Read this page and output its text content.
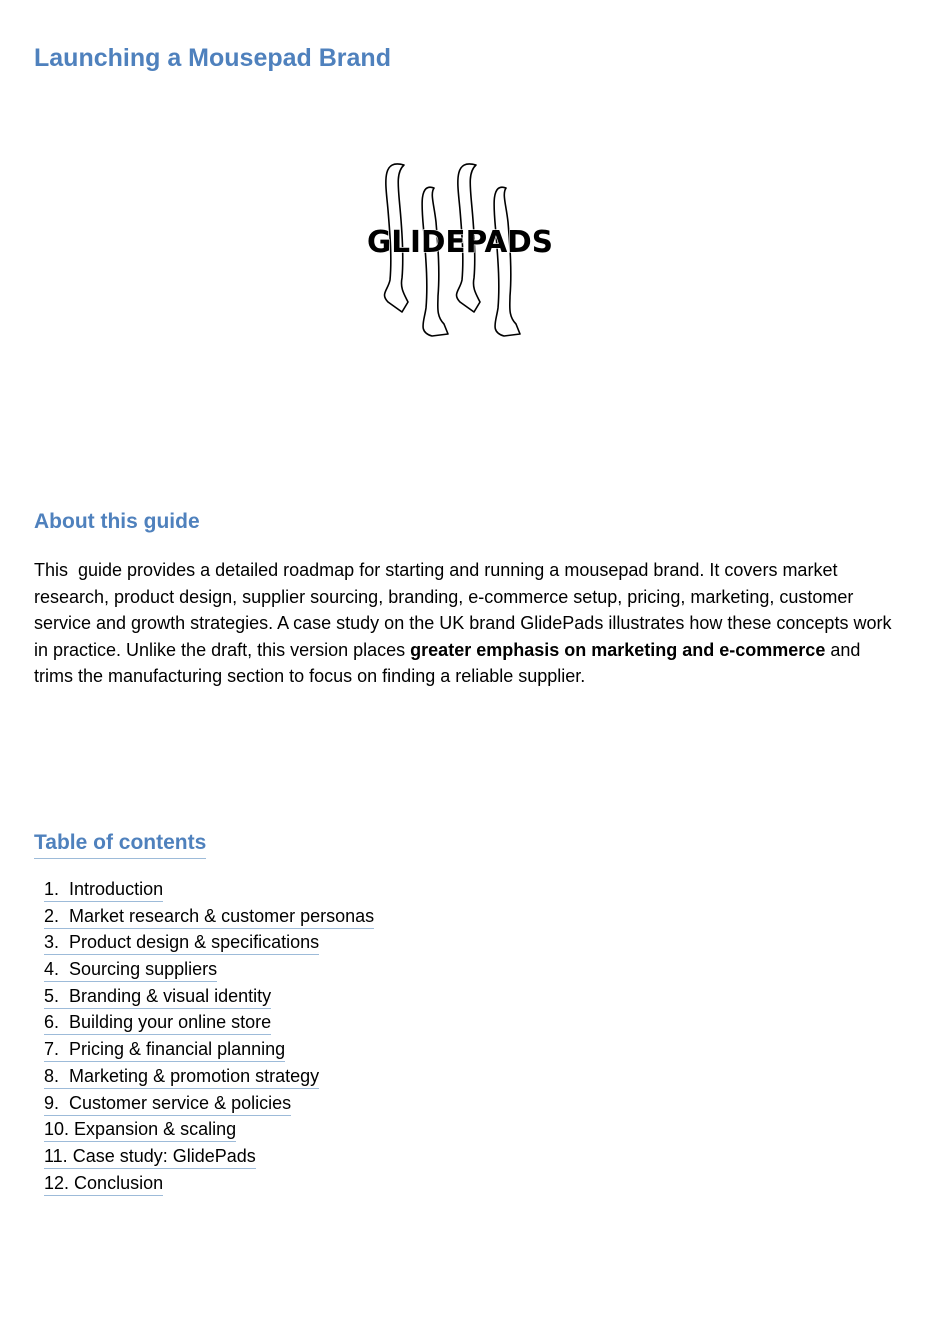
Launching a Mousepad Brand
GLIDEPADS
About this guide

This  guide provides a detailed roadmap for starting and running a mousepad brand. It covers market research, product design, supplier sourcing, branding, e-commerce setup, pricing, marketing, customer service and growth strategies. A case study on the UK brand GlidePads illustrates how these concepts work in practice. Unlike the draft, this version places greater emphasis on marketing and e-commerce and trims the manufacturing section to focus on finding a reliable supplier.

Table of contents
1. Introduction
2. Market research & customer personas
3. Product design & specifications
4. Sourcing suppliers
5. Branding & visual identity
6. Building your online store
7. Pricing & financial planning
8. Marketing & promotion strategy
9. Customer service & policies
10. Expansion & scaling
11. Case study: GlidePads
12. Conclusion
